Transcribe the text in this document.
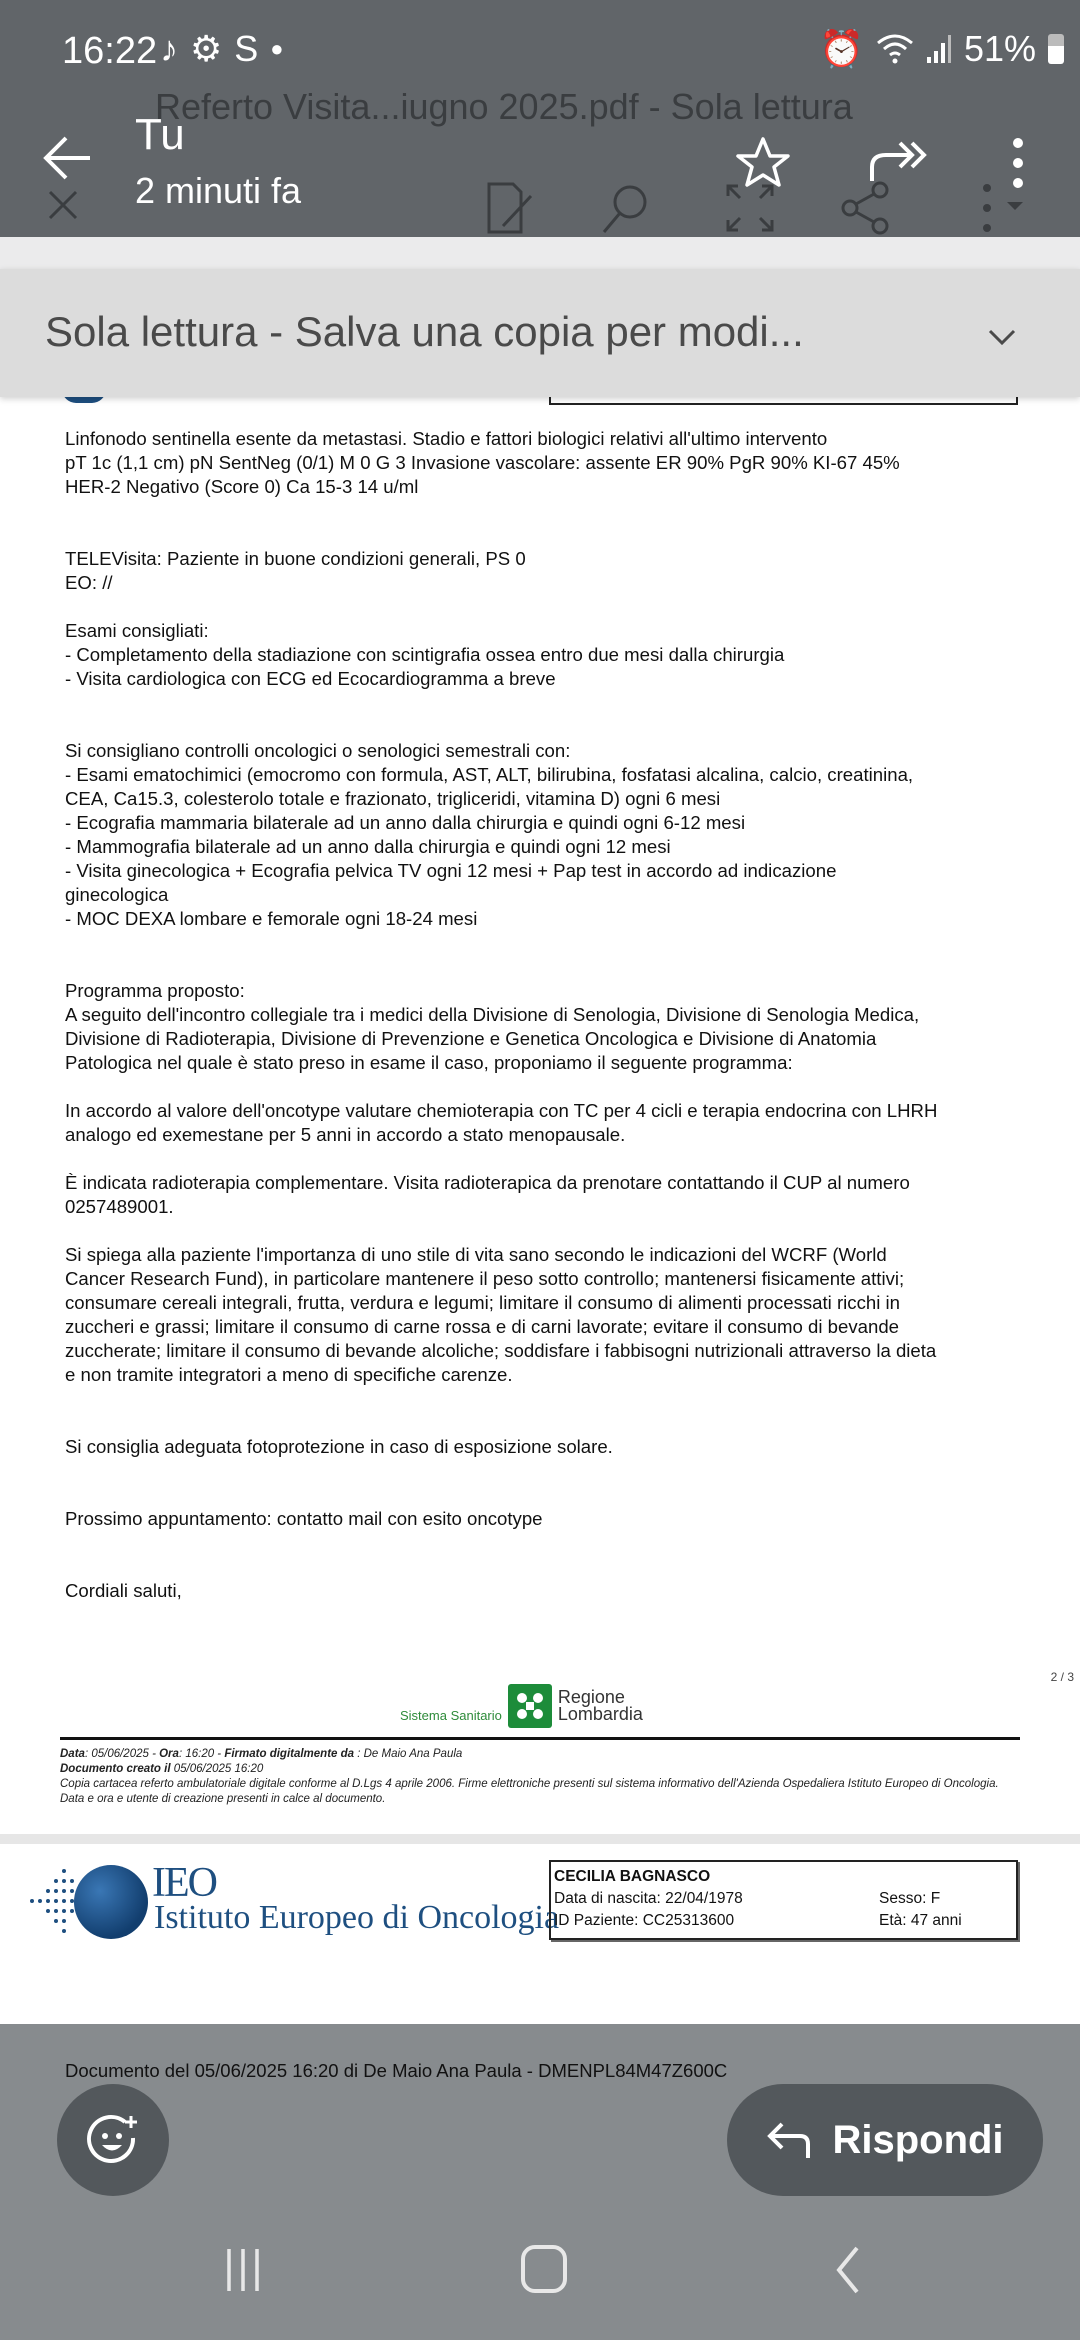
Linfonodo sentinella esente da metastasi. Stadio e fattori biologici relativi all'ultimo intervento

pT 1c (1,1 cm) pN SentNeg (0/1) M 0 G 3 Invasione vascolare: assente ER 90% PgR 90% KI-67 45%

HER-2 Negativo (Score 0) Ca 15-3 14 u/ml

TELEVisita: Paziente in buone condizioni generali, PS 0

EO: //

Esami consigliati:

- Completamento della stadiazione con scintigrafia ossea entro due mesi dalla chirurgia

- Visita cardiologica con ECG ed Ecocardiogramma a breve

Si consigliano controlli oncologici o senologici semestrali con:

- Esami ematochimici (emocromo con formula, AST, ALT, bilirubina, fosfatasi alcalina, calcio, creatinina,

CEA, Ca15.3, colesterolo totale e frazionato, trigliceridi, vitamina D) ogni 6 mesi

- Ecografia mammaria bilaterale ad un anno dalla chirurgia e quindi ogni 6-12 mesi

- Mammografia bilaterale ad un anno dalla chirurgia e quindi ogni 12 mesi

- Visita ginecologica + Ecografia pelvica TV ogni 12 mesi + Pap test in accordo ad indicazione

ginecologica

- MOC DEXA lombare e femorale ogni 18-24 mesi

Programma proposto:

A seguito dell'incontro collegiale tra i medici della Divisione di Senologia, Divisione di Senologia Medica,

Divisione di Radioterapia, Divisione di Prevenzione e Genetica Oncologica e Divisione di Anatomia

Patologica nel quale è stato preso in esame il caso, proponiamo il seguente programma:

In accordo al valore dell'oncotype valutare chemioterapia con TC per 4 cicli e terapia endocrina con LHRH

analogo ed exemestane per 5 anni in accordo a stato menopausale.

È indicata radioterapia complementare. Visita radioterapica da prenotare contattando il CUP al numero

0257489001.

Si spiega alla paziente l'importanza di uno stile di vita sano secondo le indicazioni del WCRF (World

Cancer Research Fund), in particolare mantenere il peso sotto controllo; mantenersi fisicamente attivi;

consumare cereali integrali, frutta, verdura e legumi; limitare il consumo di alimenti processati ricchi in

zuccheri e grassi; limitare il consumo di carne rossa e di carni lavorate; evitare il consumo di bevande

zuccherate; limitare il consumo di bevande alcoliche; soddisfare i fabbisogni nutrizionali attraverso la dieta

e non tramite integratori a meno di specifiche carenze.

Si consiglia adeguata fotoprotezione in caso di esposizione solare.

Prossimo appuntamento: contatto mail con esito oncotype

Cordiali saluti,

2 / 3
Sistema Sanitario
Regione
Lombardia
Data: 05/06/2025 - Ora: 16:20 - Firmato digitalmente da : De Maio Ana Paula
Documento creato il 05/06/2025 16:20
Copia cartacea referto ambulatoriale digitale conforme al D.Lgs 4 aprile 2006. Firme elettroniche presenti sul sistema informativo dell'Azienda Ospedaliera Istituto Europeo di Oncologia. Data e ora e utente di creazione presenti in calce al documento.
IEO
Istituto Europeo di Oncologia
CECILIA BAGNASCO
Data di nascita: 22/04/1978	Sesso: F
ID Paziente: CC25313600	Età: 47 anni
Sola lettura - Salva una copia per modi...
16:22 ♪ ⚙ S ●	⏰	51%
Referto Visita...iugno 2025.pdf - Sola lettura
Tu
2 minuti fa
Documento del 05/06/2025 16:20 di De Maio Ana Paula - DMENPL84M47Z600C
Rispondi
